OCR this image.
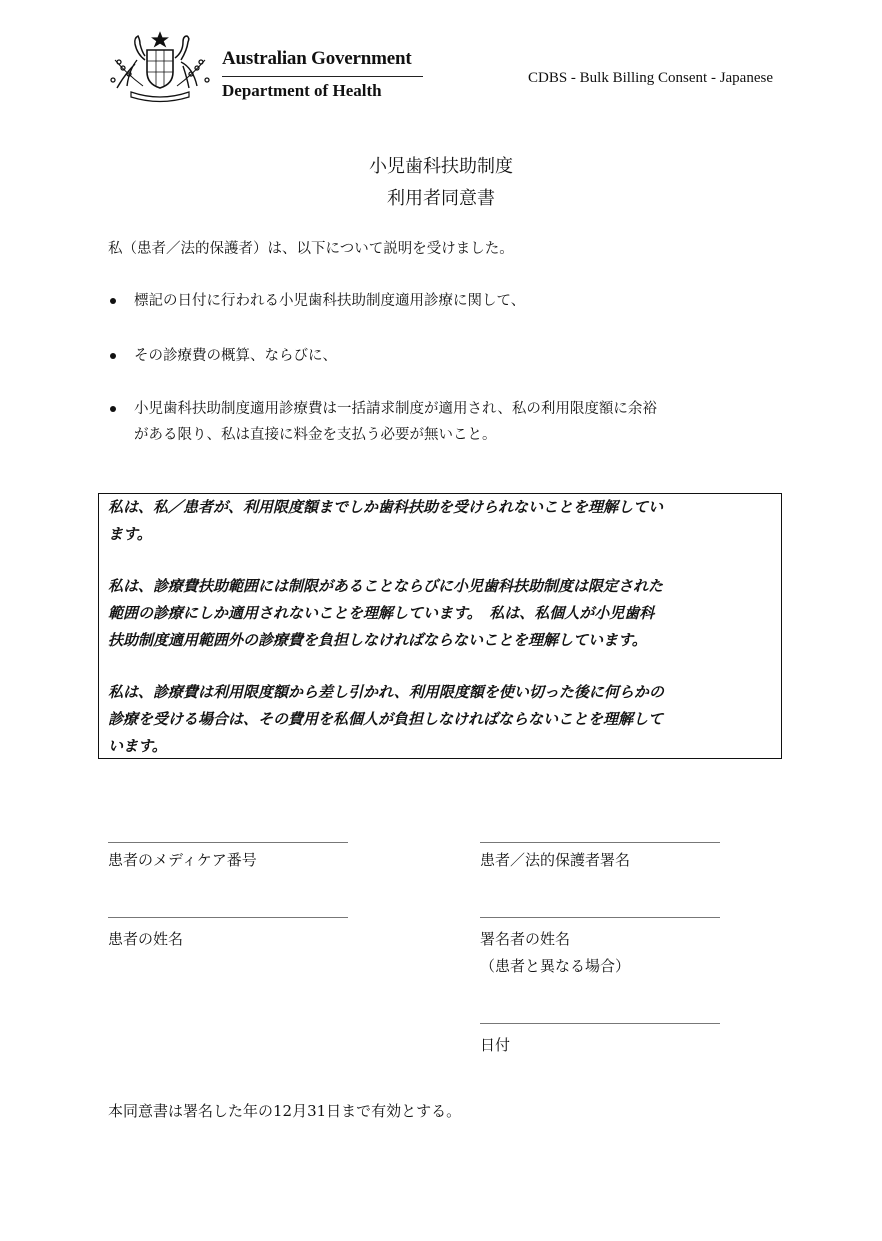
Australian Government
Department of Health
CDBS - Bulk Billing Consent - Japanese
小児歯科扶助制度
利用者同意書
私（患者／法的保護者）は、以下について説明を受けました。
標記の日付に行われる小児歯科扶助制度適用診療に関して、
その診療費の概算、ならびに、
小児歯科扶助制度適用診療費は一括請求制度が適用され、私の利用限度額に余裕
がある限り、私は直接に料金を支払う必要が無いこと。
私は、私／患者が、利用限度額までしか歯科扶助を受けられないことを理解してい
ます。
私は、診療費扶助範囲には制限があることならびに小児歯科扶助制度は限定された
範囲の診療にしか適用されないことを理解しています。　私は、私個人が小児歯科
扶助制度適用範囲外の診療費を負担しなければならないことを理解しています。
私は、診療費は利用限度額から差し引かれ、利用限度額を使い切った後に何らかの
診療を受ける場合は、その費用を私個人が負担しなければならないことを理解して
います。
患者のメディケア番号	患者／法的保護者署名
患者の姓名	署名者の姓名
（患者と異なる場合）
日付
本同意書は署名した年の12月31日まで有効とする。
